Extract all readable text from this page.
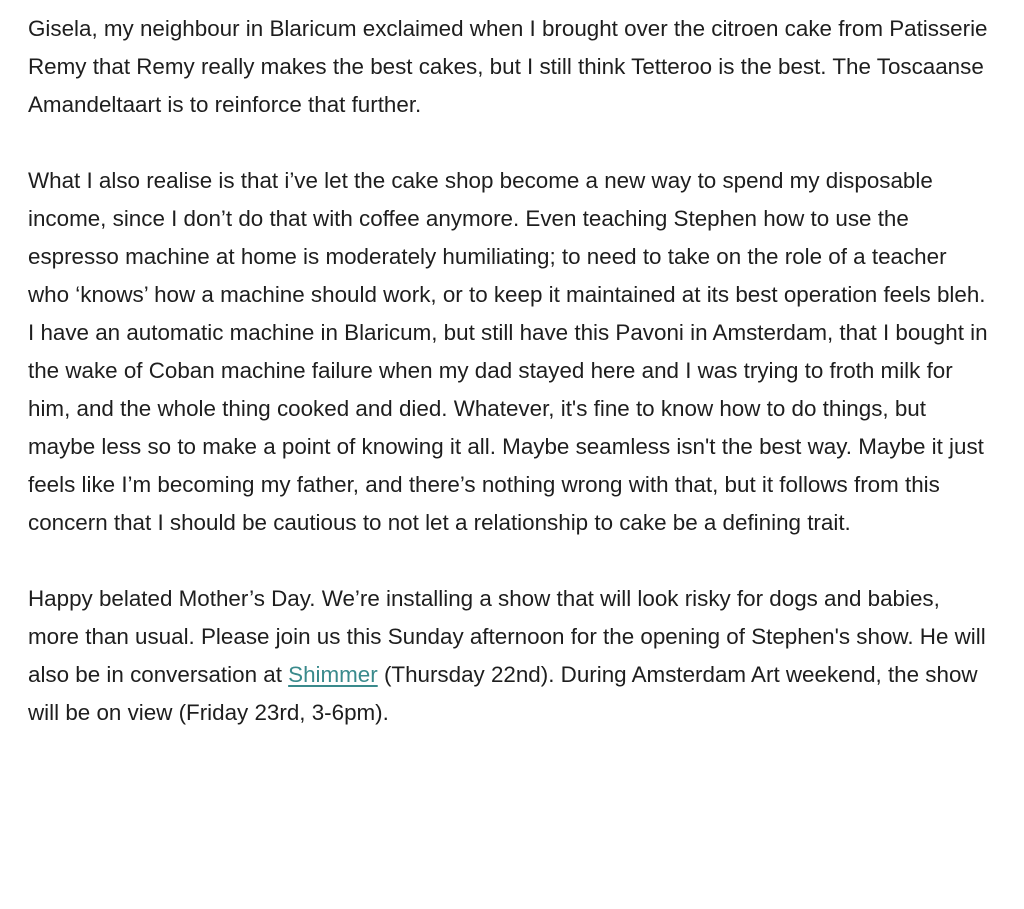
Gisela, my neighbour in Blaricum exclaimed when I brought over the citroen cake from Patisserie Remy that Remy really makes the best cakes, but I still think Tetteroo is the best. The Toscaanse Amandeltaart is to reinforce that further.

What I also realise is that i’ve let the cake shop become a new way to spend my disposable income, since I don’t do that with coffee anymore. Even teaching Stephen how to use the espresso machine at home is moderately humiliating; to need to take on the role of a teacher who ‘knows’ how a machine should work, or to keep it maintained at its best operation feels bleh. I have an automatic machine in Blaricum, but still have this Pavoni in Amsterdam, that I bought in the wake of Coban machine failure when my dad stayed here and I was trying to froth milk for him, and the whole thing cooked and died. Whatever, it's fine to know how to do things, but maybe less so to make a point of knowing it all. Maybe seamless isn't the best way. Maybe it just feels like I’m becoming my father, and there’s nothing wrong with that, but it follows from this concern that I should be cautious to not let a relationship to cake be a defining trait.

Happy belated Mother’s Day. We’re installing a show that will look risky for dogs and babies, more than usual. Please join us this Sunday afternoon for the opening of Stephen's show. He will also be in conversation at Shimmer (Thursday 22nd). During Amsterdam Art weekend, the show will be on view (Friday 23rd, 3-6pm).
